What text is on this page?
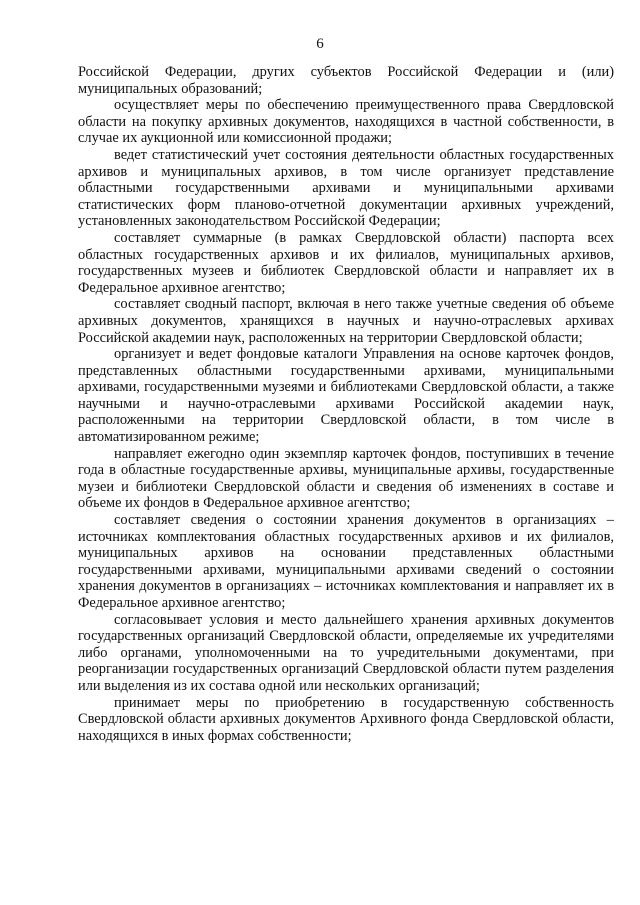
6

Российской Федерации, других субъектов Российской Федерации и (или) муниципальных образований;

осуществляет меры по обеспечению преимущественного права Свердловской области на покупку архивных документов, находящихся в частной собственности, в случае их аукционной или комиссионной продажи;

ведет статистический учет состояния деятельности областных государственных архивов и муниципальных архивов, в том числе организует представление областными государственными архивами и муниципальными архивами статистических форм планово-отчетной документации архивных учреждений, установленных законодательством Российской Федерации;

составляет суммарные (в рамках Свердловской области) паспорта всех областных государственных архивов и их филиалов, муниципальных архивов, государственных музеев и библиотек Свердловской области и направляет их в Федеральное архивное агентство;

составляет сводный паспорт, включая в него также учетные сведения об объеме архивных документов, хранящихся в научных и научно-отраслевых архивах Российской академии наук, расположенных на территории Свердловской области;

организует и ведет фондовые каталоги Управления на основе карточек фондов, представленных областными государственными архивами, муниципальными архивами, государственными музеями и библиотеками Свердловской области, а также научными и научно-отраслевыми архивами Российской академии наук, расположенными на территории Свердловской области, в том числе в автоматизированном режиме;

направляет ежегодно один экземпляр карточек фондов, поступивших в течение года в областные государственные архивы, муниципальные архивы, государственные музеи и библиотеки Свердловской области и сведения об изменениях в составе и объеме их фондов в Федеральное архивное агентство;

составляет сведения о состоянии хранения документов в организациях – источниках комплектования областных государственных архивов и их филиалов, муниципальных архивов на основании представленных областными государственными архивами, муниципальными архивами сведений о состоянии хранения документов в организациях – источниках комплектования и направляет их в Федеральное архивное агентство;

согласовывает условия и место дальнейшего хранения архивных документов государственных организаций Свердловской области, определяемые их учредителями либо органами, уполномоченными на то учредительными документами, при реорганизации государственных организаций Свердловской области путем разделения или выделения из их состава одной или нескольких организаций;

принимает меры по приобретению в государственную собственность Свердловской области архивных документов Архивного фонда Свердловской области, находящихся в иных формах собственности;
